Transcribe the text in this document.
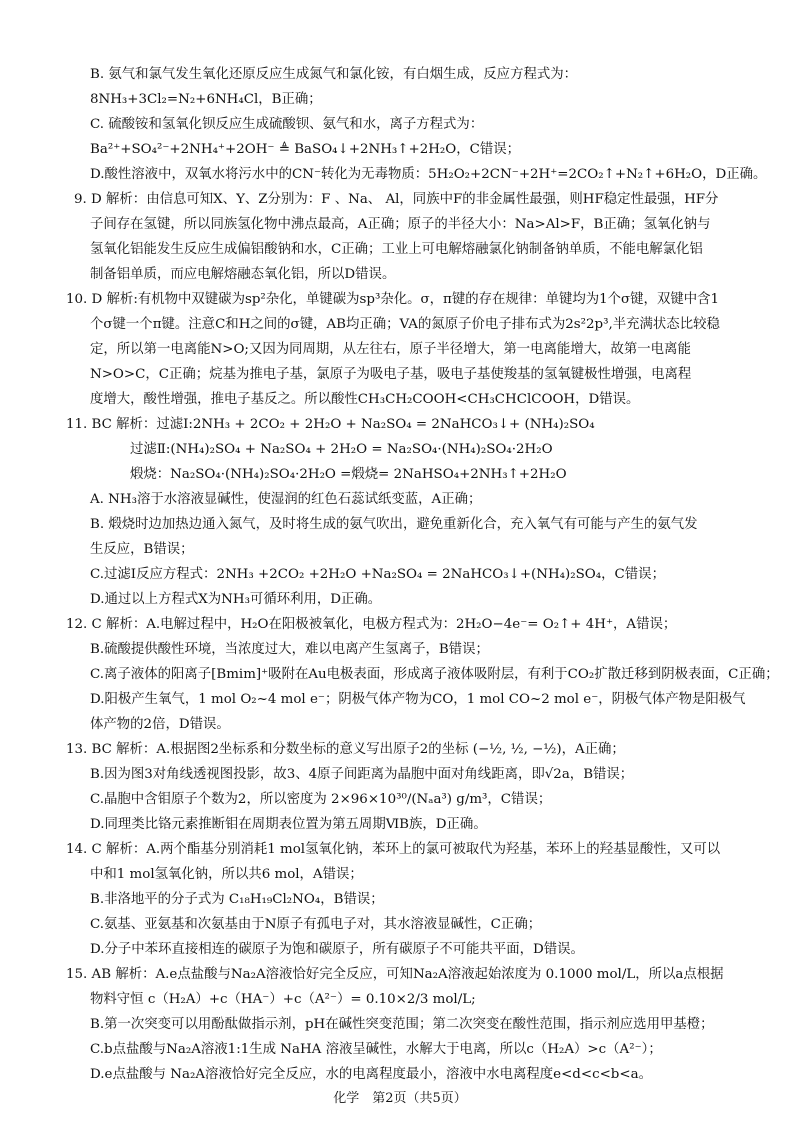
B. 氨气和氯气发生氧化还原反应生成氮气和氯化铵，有白烟生成，反应方程式为：
8NH₃+3Cl₂=N₂+6NH₄Cl，B正确；
C. 硫酸铵和氢氧化钡反应生成硫酸钡、氨气和水，离子方程式为：
Ba²⁺+SO₄²⁻+2NH₄⁺+2OH⁻ ≜ BaSO₄↓+2NH₃↑+2H₂O，C错误；
D.酸性溶液中，双氧水将污水中的CN⁻转化为无毒物质：5H₂O₂+2CN⁻+2H⁺=2CO₂↑+N₂↑+6H₂O，D正确。
9. D 解析：由信息可知X、Y、Z分别为：F 、Na、 Al，同族中F的非金属性最强，则HF稳定性最强，HF分
子间存在氢键，所以同族氢化物中沸点最高，A正确；原子的半径大小：Na>Al>F，B正确；氢氧化钠与
氢氧化铝能发生反应生成偏铝酸钠和水，C正确；工业上可电解熔融氯化钠制备钠单质，不能电解氯化铝
制备铝单质，而应电解熔融态氧化铝，所以D错误。
10. D 解析:有机物中双键碳为sp²杂化，单键碳为sp³杂化。σ，π键的存在规律：单键均为1个σ键，双键中含1
个σ键一个π键。注意C和H之间的σ键，AB均正确；VA的氮原子价电子排布式为2s²2p³,半充满状态比较稳
定，所以第一电离能N>O;又因为同周期，从左往右，原子半径增大，第一电离能增大，故第一电离能
N>O>C，C正确；烷基为推电子基，氯原子为吸电子基，吸电子基使羧基的氢氧键极性增强，电离程
度增大，酸性增强，推电子基反之。所以酸性CH₃CH₂COOH<CH₃CHClCOOH，D错误。
11. BC 解析：过滤Ⅰ:2NH₃ + 2CO₂ + 2H₂O + Na₂SO₄ = 2NaHCO₃↓+ (NH₄)₂SO₄
过滤Ⅱ:(NH₄)₂SO₄ + Na₂SO₄ + 2H₂O = Na₂SO₄·(NH₄)₂SO₄·2H₂O
煅烧：Na₂SO₄·(NH₄)₂SO₄·2H₂O =煅烧= 2NaHSO₄+2NH₃↑+2H₂O
A. NH₃溶于水溶液显碱性，使湿润的红色石蕊试纸变蓝，A正确；
B. 煅烧时边加热边通入氮气，及时将生成的氨气吹出，避免重新化合，充入氧气有可能与产生的氨气发
生反应，B错误；
C.过滤Ⅰ反应方程式：2NH₃ +2CO₂ +2H₂O +Na₂SO₄ = 2NaHCO₃↓+(NH₄)₂SO₄，C错误；
D.通过以上方程式X为NH₃可循环利用，D正确。
12. C 解析：A.电解过程中，H₂O在阳极被氧化，电极方程式为：2H₂O−4e⁻= O₂↑+ 4H⁺，A错误；
B.硫酸提供酸性环境，当浓度过大，难以电离产生氢离子，B错误；
C.离子液体的阳离子[Bmim]⁺吸附在Au电极表面，形成离子液体吸附层，有利于CO₂扩散迁移到阴极表面，C正确；
D.阳极产生氧气，1 mol O₂~4 mol e⁻；阴极气体产物为CO，1 mol CO~2 mol e⁻，阴极气体产物是阳极气
体产物的2倍，D错误。
13. BC 解析：A.根据图2坐标系和分数坐标的意义写出原子2的坐标 (−½, ½, −½)，A正确；
B.因为图3对角线透视图投影，故3、4原子间距离为晶胞中面对角线距离，即√2a，B错误；
C.晶胞中含钼原子个数为2，所以密度为 2×96×10³⁰/(Nₐa³) g/m³，C错误；
D.同理类比铬元素推断钼在周期表位置为第五周期ⅥB族，D正确。
14. C 解析：A.两个酯基分别消耗1 mol氢氧化钠，苯环上的氯可被取代为羟基，苯环上的羟基显酸性，又可以
中和1 mol氢氧化钠，所以共6 mol，A错误；
B.非洛地平的分子式为 C₁₈H₁₉Cl₂NO₄，B错误；
C.氨基、亚氨基和次氨基由于N原子有孤电子对，其水溶液显碱性，C正确；
D.分子中苯环直接相连的碳原子为饱和碳原子，所有碳原子不可能共平面，D错误。
15. AB 解析：A.e点盐酸与Na₂A溶液恰好完全反应，可知Na₂A溶液起始浓度为 0.1000 mol/L，所以a点根据
物料守恒 c（H₂A）+c（HA⁻）+c（A²⁻）= 0.10×2/3 mol/L;
B.第一次突变可以用酚酞做指示剂，pH在碱性突变范围；第二次突变在酸性范围，指示剂应选用甲基橙；
C.b点盐酸与Na₂A溶液1:1生成 NaHA 溶液呈碱性，水解大于电离，所以c（H₂A）>c（A²⁻）；
D.e点盐酸与 Na₂A溶液恰好完全反应，水的电离程度最小，溶液中水电离程度e<d<c<b<a。
化学　第2页（共5页）
